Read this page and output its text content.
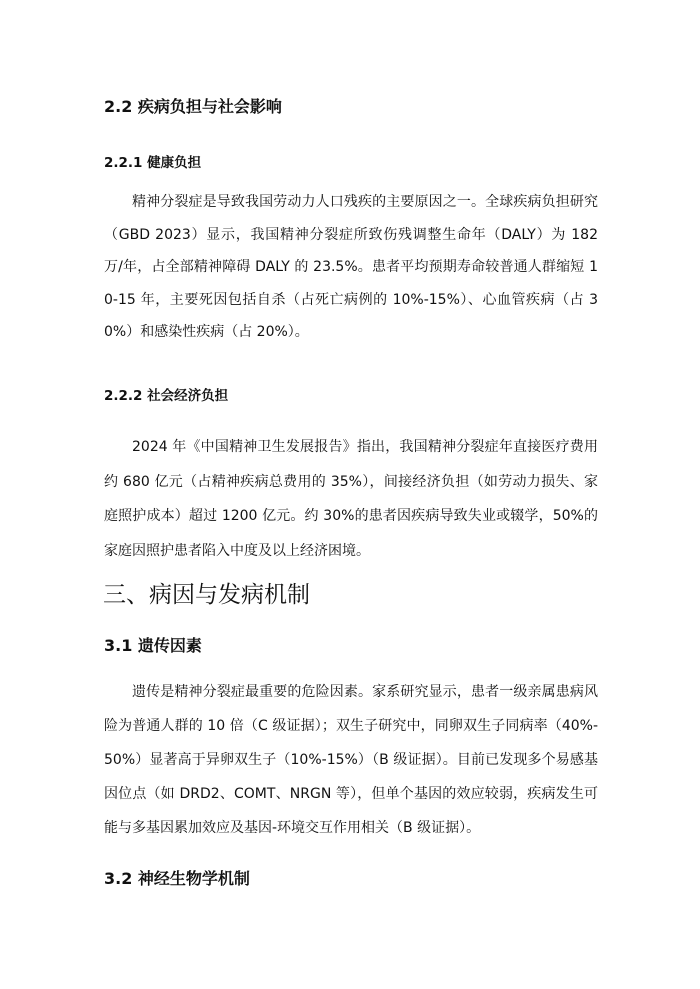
2.2 疾病负担与社会影响
2.2.1 健康负担

精神分裂症是导致我国劳动力人口残疾的主要原因之一。全球疾病负担研究（GBD 2023）显示，我国精神分裂症所致伤残调整生命年（DALY）为 182 万/年，占全部精神障碍 DALY 的 23.5%。患者平均预期寿命较普通人群缩短 10-15 年，主要死因包括自杀（占死亡病例的 10%-15%）、心血管疾病（占 30%）和感染性疾病（占 20%）。

2.2.2 社会经济负担

2024 年《中国精神卫生发展报告》指出，我国精神分裂症年直接医疗费用约 680 亿元（占精神疾病总费用的 35%），间接经济负担（如劳动力损失、家庭照护成本）超过 1200 亿元。约 30%的患者因疾病导致失业或辍学，50%的家庭因照护患者陷入中度及以上经济困境。

三、病因与发病机制
3.1 遗传因素

遗传是精神分裂症最重要的危险因素。家系研究显示，患者一级亲属患病风险为普通人群的 10 倍（C 级证据）；双生子研究中，同卵双生子同病率（40%-50%）显著高于异卵双生子（10%-15%）（B 级证据）。目前已发现多个易感基因位点（如 DRD2、COMT、NRGN 等），但单个基因的效应较弱，疾病发生可能与多基因累加效应及基因-环境交互作用相关（B 级证据）。

3.2 神经生物学机制
